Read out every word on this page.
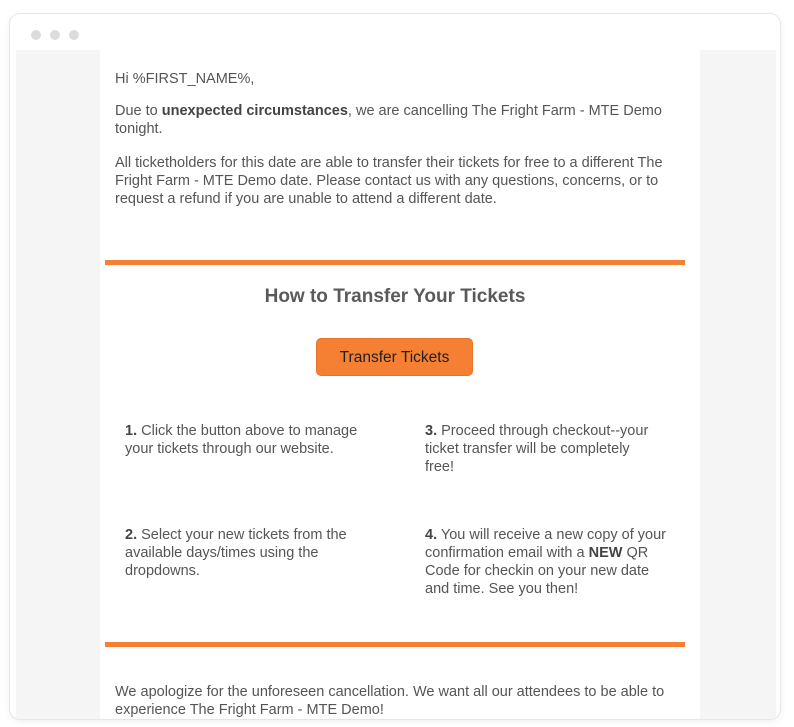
Hi %FIRST_NAME%,

Due to unexpected circumstances, we are cancelling The Fright Farm - MTE Demo tonight.

All ticketholders for this date are able to transfer their tickets for free to a different The Fright Farm - MTE Demo date. Please contact us with any questions, concerns, or to request a refund if you are unable to attend a different date.

How to Transfer Your Tickets
Transfer Tickets

1. Click the button above to manage your tickets through our website.

2. Select your new tickets from the available days/times using the dropdowns.

3. Proceed through checkout--your ticket transfer will be completely free!

4. You will receive a new copy of your confirmation email with a NEW QR Code for checkin on your new date and time. See you then!

We apologize for the unforeseen cancellation. We want all our attendees to be able to experience The Fright Farm - MTE Demo!
